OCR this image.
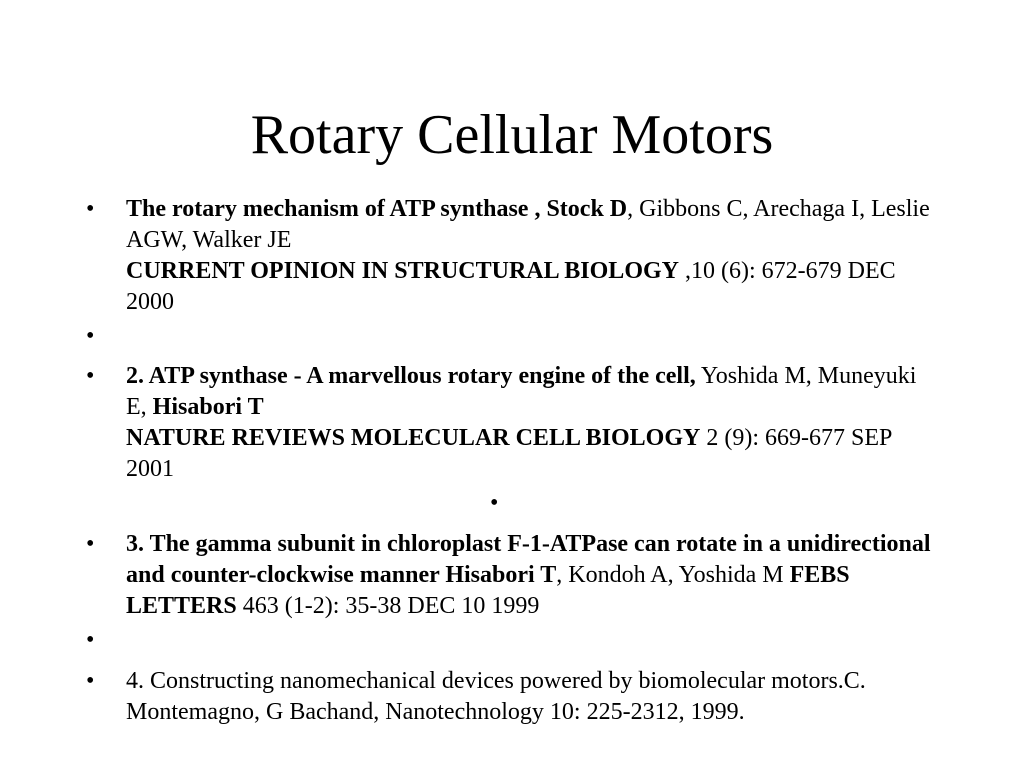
Rotary Cellular Motors
• The rotary mechanism of ATP synthase , Stock D, Gibbons C, Arechaga I, Leslie AGW, Walker JE
CURRENT OPINION IN STRUCTURAL BIOLOGY ,10 (6): 672-679 DEC 2000
•
• 2. ATP synthase - A marvellous rotary engine of the cell, Yoshida M, Muneyuki E, Hisabori T
NATURE REVIEWS MOLECULAR CELL BIOLOGY 2 (9): 669-677 SEP 2001
•
• 3. The gamma subunit in chloroplast F-1-ATPase can rotate in a unidirectional and counter-clockwise manner Hisabori T, Kondoh A, Yoshida M FEBS LETTERS 463 (1-2): 35-38 DEC 10 1999
•
• 4. Constructing nanomechanical devices powered by biomolecular motors.C. Montemagno, G Bachand, Nanotechnology 10: 225-2312, 1999.
